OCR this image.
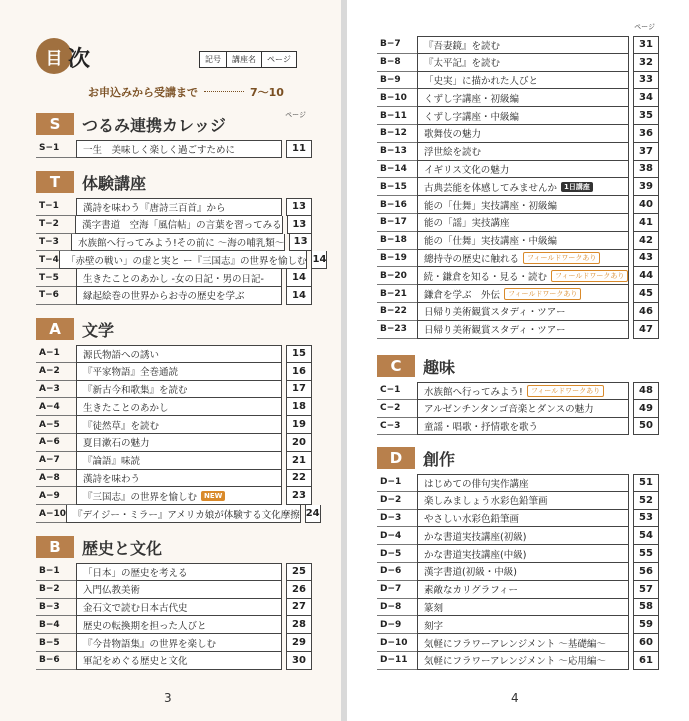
目 次	記号	講座名	ページ
お申込みから受講まで	7〜10
S	つるみ連携カレッジ
ページ
S−1	一生　美味しく楽しく過ごすために	11
T	体験講座
T−1	漢詩を味わう『唐詩三百首』から	13
T−2	漢字書道　空海「風信帖」の言葉を習ってみる	13
T−3	水族館へ行ってみよう!その前に ～海の哺乳類～ 13
T−4 「赤壁の戦い」の虚と実と ー『三国志』の世界を愉しむ 14
T−5	生きたことのあかし -女の日記・男の日記-	14
T−6	縁起絵巻の世界からお寺の歴史を学ぶ	14
A	文学
A−1	源氏物語への誘い	15
A−2	『平家物語』全巻通読	16
A−3	『新古今和歌集』を読む	17
A−4	生きたことのあかし	18
A−5	『徒然草』を読む	19
A−6	夏目漱石の魅力	20
A−7	『論語』味読	21
A−8	漢詩を味わう	22
A−9	『三国志』の世界を愉しむ	NEW	23
A−10 『デイジー・ミラー』アメリカ娘が体験する文化摩擦 24
B	歴史と文化
B−1	「日本」の歴史を考える	25
B−2	入門仏教美術	26
B−3	金石文で読む日本古代史	27
B−4	歴史の転換期を担った人びと	28
B−5	『今昔物語集』の世界を楽しむ	29
B−6	軍記をめぐる歴史と文化	30
3
ページ
B−7	『吾妻鏡』を読む	31
B−8	『太平記』を読む	32
B−9	「史実」に描かれた人びと	33
B−10	くずし字講座・初級編	34
B−11	くずし字講座・中級編	35
B−12	歌舞伎の魅力	36
B−13	浮世絵を読む	37
B−14	イギリス文化の魅力	38
B−15	古典芸能を体感してみませんか	1日講座	39
B−16	能の「仕舞」実技講座・初級編	40
B−17	能の「謡」実技講座	41
B−18	能の「仕舞」実技講座・中級編	42
B−19	總持寺の歴史に触れる	フィールドワークあり	43
B−20	続・鎌倉を知る・見る・読む	フィールドワークあり	44
B−21	鎌倉を学ぶ　外伝	フィールドワークあり	45
B−22	日帰り美術観賞スタディ・ツアー	46
B−23	日帰り美術観賞スタディ・ツアー	47
C	趣味
C−1	水族館へ行ってみよう!	フィールドワークあり	48
C−2	アルゼンチンタンゴ音楽とダンスの魅力	49
C−3	童謡・唱歌・抒情歌を歌う	50
D	創作
D−1	はじめての俳句実作講座	51
D−2	楽しみましょう水彩色鉛筆画	52
D−3	やさしい水彩色鉛筆画	53
D−4	かな書道実技講座(初級)	54
D−5	かな書道実技講座(中級)	55
D−6	漢字書道(初級・中級)	56
D−7	素敵なカリグラフィー	57
D−8	篆刻	58
D−9	刻字	59
D−10	気軽にフラワーアレンジメント ～基礎編～	60
D−11	気軽にフラワーアレンジメント ～応用編～	61
4
